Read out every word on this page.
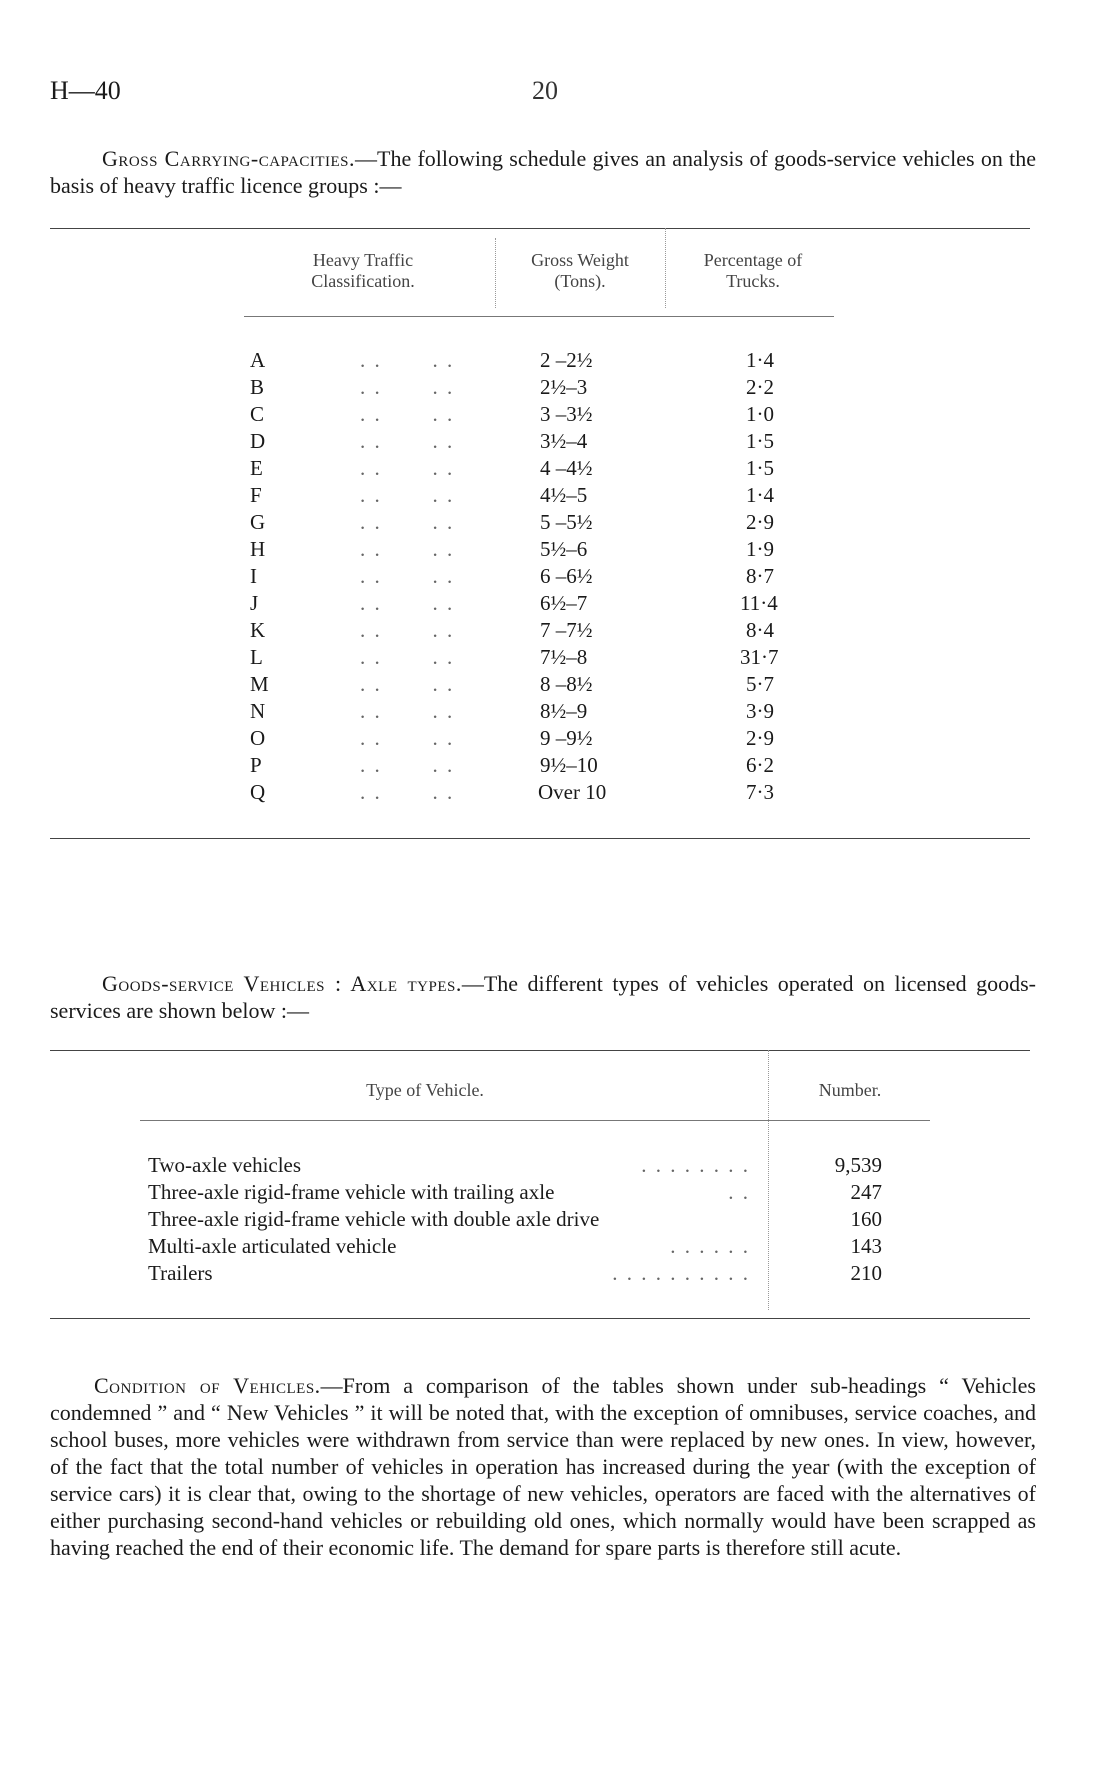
H—40	20
Gross Carrying-capacities.—The following schedule gives an analysis of goods-service vehicles on the basis of heavy traffic licence groups :—
Heavy Traffic Classification.
Gross Weight (Tons).
Percentage of Trucks.
A	. .       . .	2 –2½	1·4
B	. .       . .	2½–3	2·2
C	. .       . .	3 –3½	1·0
D	. .       . .	3½–4	1·5
E	. .       . .	4 –4½	1·5
F	. .       . .	4½–5	1·4
G	. .       . .	5 –5½	2·9
H	. .       . .	5½–6	1·9
I	. .       . .	6 –6½	8·7
J	. .       . .	6½–7	11·4
K	. .       . .	7 –7½	8·4
L	. .       . .	7½–8	31·7
M	. .       . .	8 –8½	5·7
N	. .       . .	8½–9	3·9
O	. .       . .	9 –9½	2·9
P	. .       . .	9½–10	6·2
Q	. .       . .	Over 10	7·3
Goods-service Vehicles : Axle types.—The different types of vehicles operated on licensed goods-services are shown below :—
Type of Vehicle.	Number.
Two-axle vehicles	. . . . . . . .	9,539
Three-axle rigid-frame vehicle with trailing axle	. .	247
Three-axle rigid-frame vehicle with double axle drive	160
Multi-axle articulated vehicle	. . . . . .	143
Trailers	. . . . . . . . . .	210
Condition of Vehicles.—From a comparison of the tables shown under sub-headings “ Vehicles condemned ” and “ New Vehicles ” it will be noted that, with the exception of omnibuses, service coaches, and school buses, more vehicles were withdrawn from service than were replaced by new ones. In view, however, of the fact that the total number of vehicles in operation has increased during the year (with the exception of service cars) it is clear that, owing to the shortage of new vehicles, operators are faced with the alternatives of either purchasing second-hand vehicles or rebuilding old ones, which normally would have been scrapped as having reached the end of their economic life. The demand for spare parts is therefore still acute.
